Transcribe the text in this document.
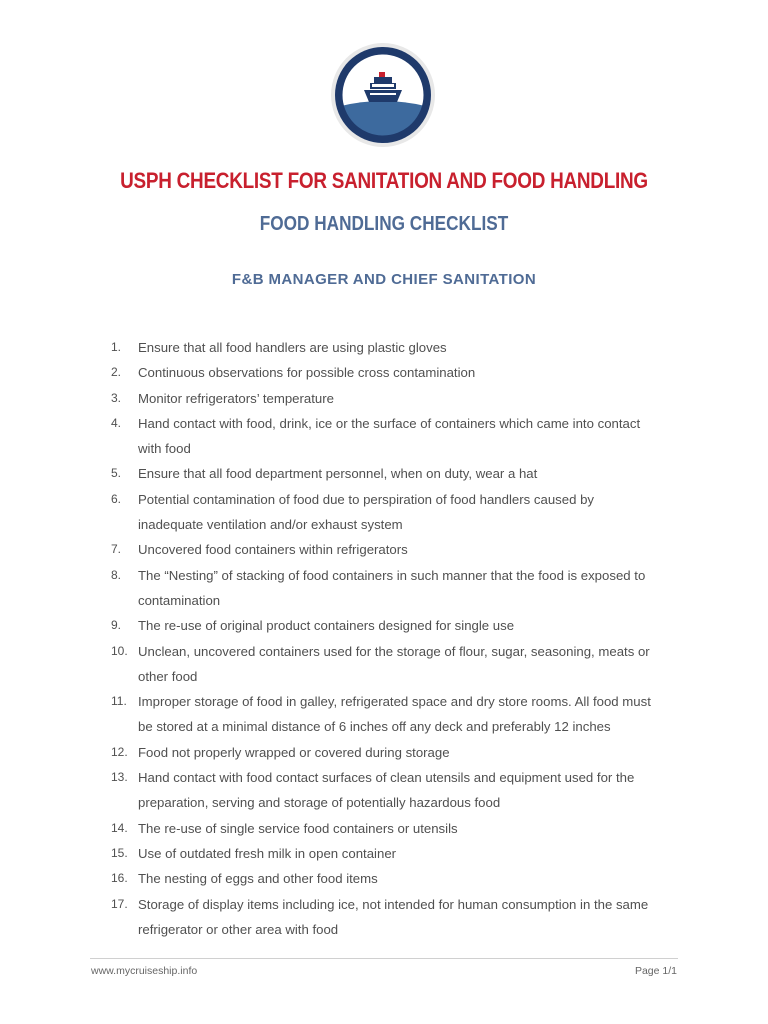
MYCRUISESHIP
USPH CHECKLIST FOR SANITATION AND FOOD HANDLING
FOOD HANDLING CHECKLIST
F&B MANAGER AND CHIEF SANITATION
1.	Ensure that all food handlers are using plastic gloves
2.	Continuous observations for possible cross contamination
3.	Monitor refrigerators’ temperature
4.	Hand contact with food, drink, ice or the surface of containers which came into contact
with food
5.	Ensure that all food department personnel, when on duty, wear a hat
6.	Potential contamination of food due to perspiration of food handlers caused by
inadequate ventilation and/or exhaust system
7.	Uncovered food containers within refrigerators
8.	The “Nesting” of stacking of food containers in such manner that the food is exposed to
contamination
9.	The re-use of original product containers designed for single use
10. Unclean, uncovered containers used for the storage of flour, sugar, seasoning, meats or
other food
11. Improper storage of food in galley, refrigerated space and dry store rooms. All food must
be stored at a minimal distance of 6 inches off any deck and preferably 12 inches
12. Food not properly wrapped or covered during storage
13. Hand contact with food contact surfaces of clean utensils and equipment used for the
preparation, serving and storage of potentially hazardous food
14. The re-use of single service food containers or utensils
15. Use of outdated fresh milk in open container
16. The nesting of eggs and other food items
17. Storage of display items including ice, not intended for human consumption in the same
refrigerator or other area with food
www.mycruiseship.info	Page 1/1
